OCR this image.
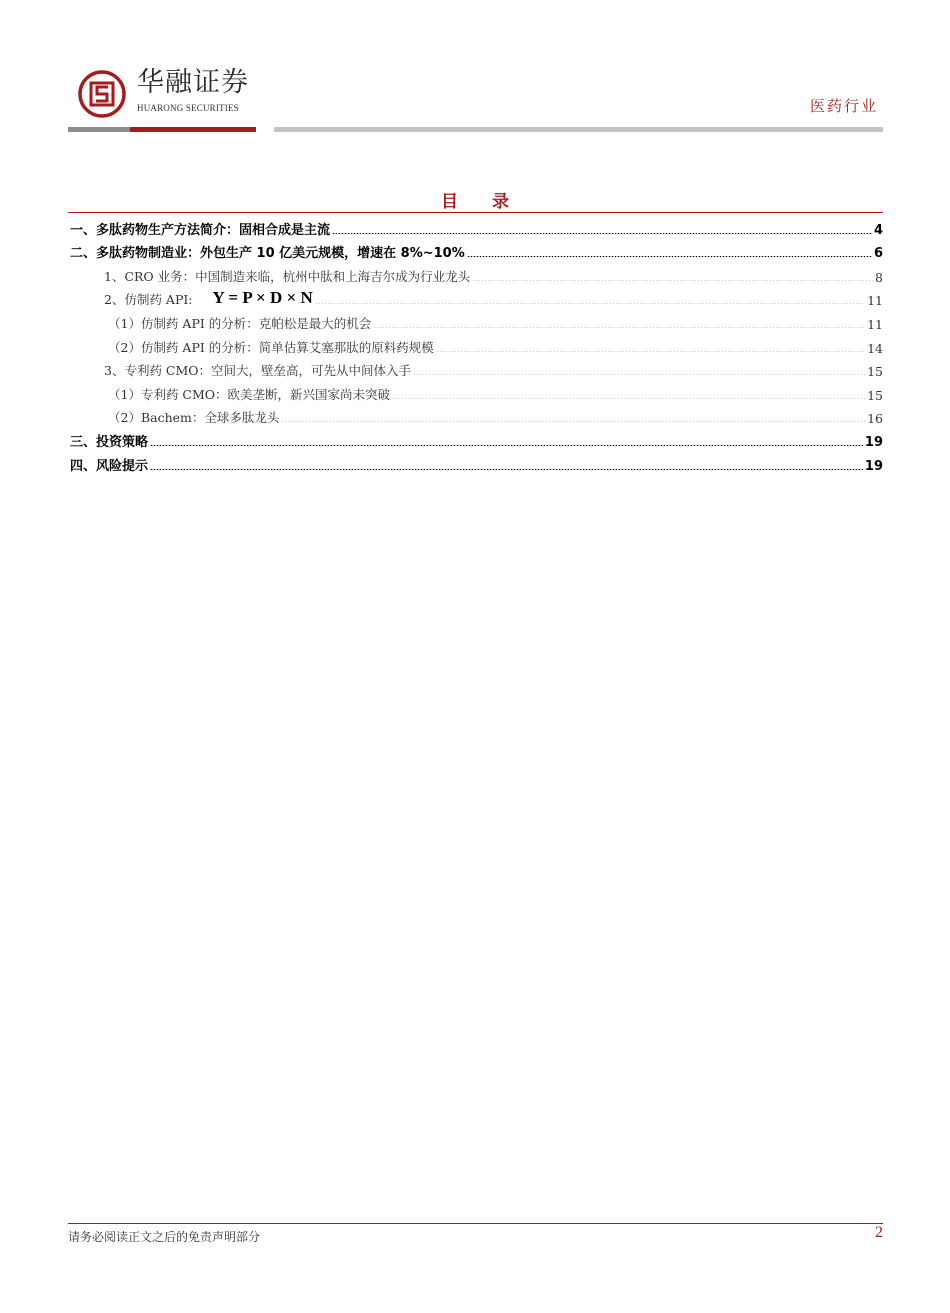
华融证券
HUARONG SECURITIES	医药行业
目 录
一、多肽药物生产方法简介：固相合成是主流	4
二、多肽药物制造业：外包生产 10 亿美元规模，增速在 8%~10%	6
1、CRO 业务：中国制造来临，杭州中肽和上海吉尔成为行业龙头	8
2、仿制药 API: Y = P × D × N	11
（1）仿制药 API 的分析：克帕松是最大的机会	11
（2）仿制药 API 的分析：简单估算艾塞那肽的原料药规模	14
3、专利药 CMO：空间大，壁垒高，可先从中间体入手	15
（1）专利药 CMO：欧美垄断，新兴国家尚未突破	15
（2）Bachem：全球多肽龙头	16
三、投资策略	19
四、风险提示	19
请务必阅读正文之后的免责声明部分	2
